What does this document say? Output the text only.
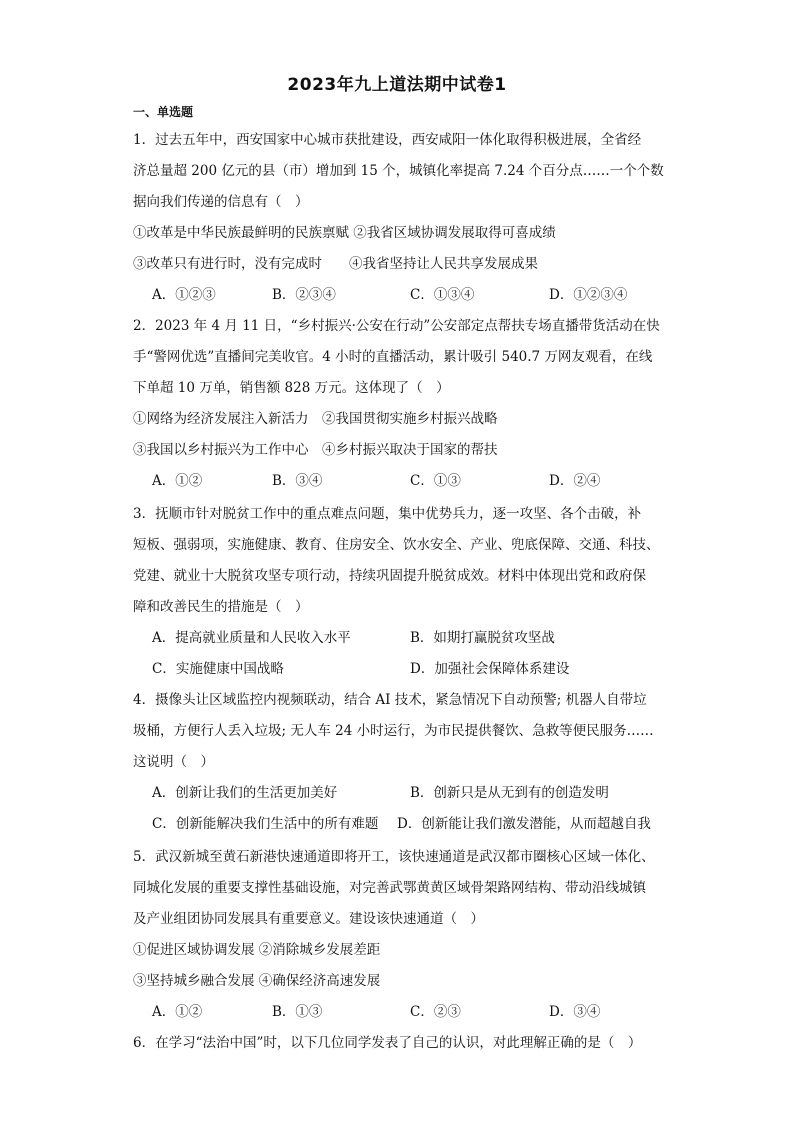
2023年九上道法期中试卷1
一、单选题
1．过去五年中，西安国家中心城市获批建设，西安咸阳一体化取得积极进展，全省经
济总量超 200 亿元的县（市）增加到 15 个，城镇化率提高 7.24 个百分点……一个个数
据向我们传递的信息有（　）
①改革是中华民族最鲜明的民族禀赋 ②我省区域协调发展取得可喜成绩
③改革只有进行时，没有完成时　　④我省坚持让人民共享发展成果
A．①②③	B．②③④	C．①③④	D．①②③④
2．2023 年 4 月 11 日，“乡村振兴·公安在行动”公安部定点帮扶专场直播带货活动在快
手“警网优选”直播间完美收官。4 小时的直播活动，累计吸引 540.7 万网友观看，在线
下单超 10 万单，销售额 828 万元。这体现了（　）
①网络为经济发展注入新活力　②我国贯彻实施乡村振兴战略
③我国以乡村振兴为工作中心　④乡村振兴取决于国家的帮扶
A．①②	B．③④	C．①③	D．②④
3．抚顺市针对脱贫工作中的重点难点问题，集中优势兵力，逐一攻坚、各个击破，补
短板、强弱项，实施健康、教育、住房安全、饮水安全、产业、兜底保障、交通、科技、
党建、就业十大脱贫攻坚专项行动，持续巩固提升脱贫成效。材料中体现出党和政府保
障和改善民生的措施是（　）
A．提高就业质量和人民收入水平	B．如期打赢脱贫攻坚战
C．实施健康中国战略	D．加强社会保障体系建设
4．摄像头让区域监控内视频联动，结合 AI 技术，紧急情况下自动预警; 机器人自带垃
圾桶，方便行人丢入垃圾; 无人车 24 小时运行，为市民提供餐饮、急救等便民服务……
这说明（　）
A．创新让我们的生活更加美好	B．创新只是从无到有的创造发明
C．创新能解决我们生活中的所有难题 D．创新能让我们激发潜能，从而超越自我
5．武汉新城至黄石新港快速通道即将开工，该快速通道是武汉都市圈核心区域一体化、
同城化发展的重要支撑性基础设施，对完善武鄂黄黄区域骨架路网结构、带动沿线城镇
及产业组团协同发展具有重要意义。建设该快速通道（　）
①促进区域协调发展 ②消除城乡发展差距
③坚持城乡融合发展 ④确保经济高速发展
A．①②	B．①③	C．②③	D．③④
6．在学习“法治中国”时，以下几位同学发表了自己的认识，对此理解正确的是（　）
